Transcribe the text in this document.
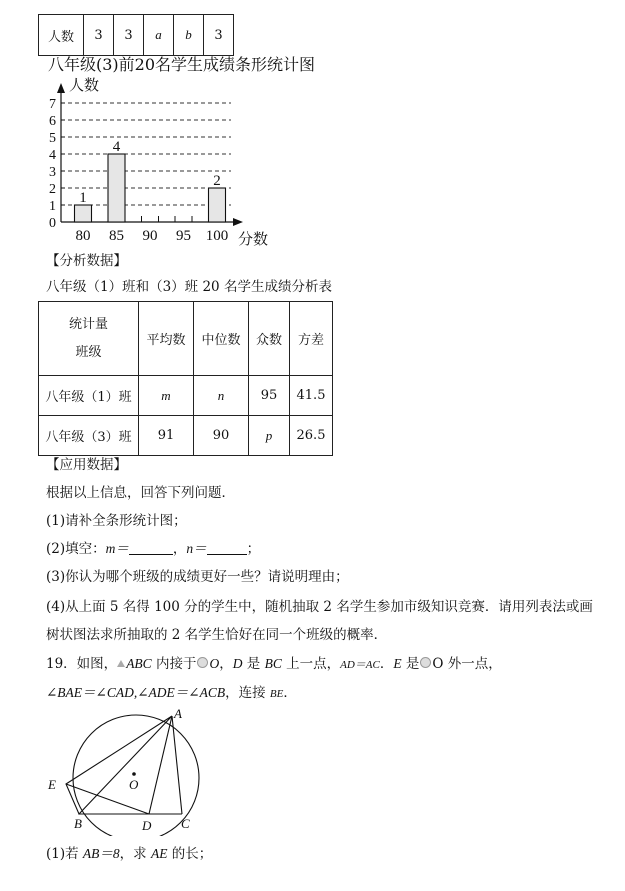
人数	3	3	a	b	3
八年级(3)前20名学生成绩条形统计图
0
1
2
3
4
5
6
7
80
1
85
4
90 95 100
2
人数
分数
【分析数据】
八年级（1）班和（3）班 20 名学生成绩分析表
统计量
班级	平均数	中位数	众数	方差
八年级（1）班	m	n	95	41.5
八年级（3）班	91	90	p	26.5
【应用数据】
根据以上信息，回答下列问题．
(1)请补全条形统计图；
(2)填空：m＝	，n＝	；
(3)你认为哪个班级的成绩更好一些？请说明理由；
(4)从上面 5 名得 100 分的学生中，随机抽取 2 名学生参加市级知识竞赛．请用列表法或画
树状图法求所抽取的 2 名学生恰好在同一个班级的概率．
19．如图， ABC 内接于 O，D 是 BC 上一点，AD＝AC．E 是 O 外一点，
∠BAE＝∠CAD,∠ADE＝∠ACB，连接 BE．
A
E	O
B	D C
(1)若 AB＝8，求 AE 的长；
